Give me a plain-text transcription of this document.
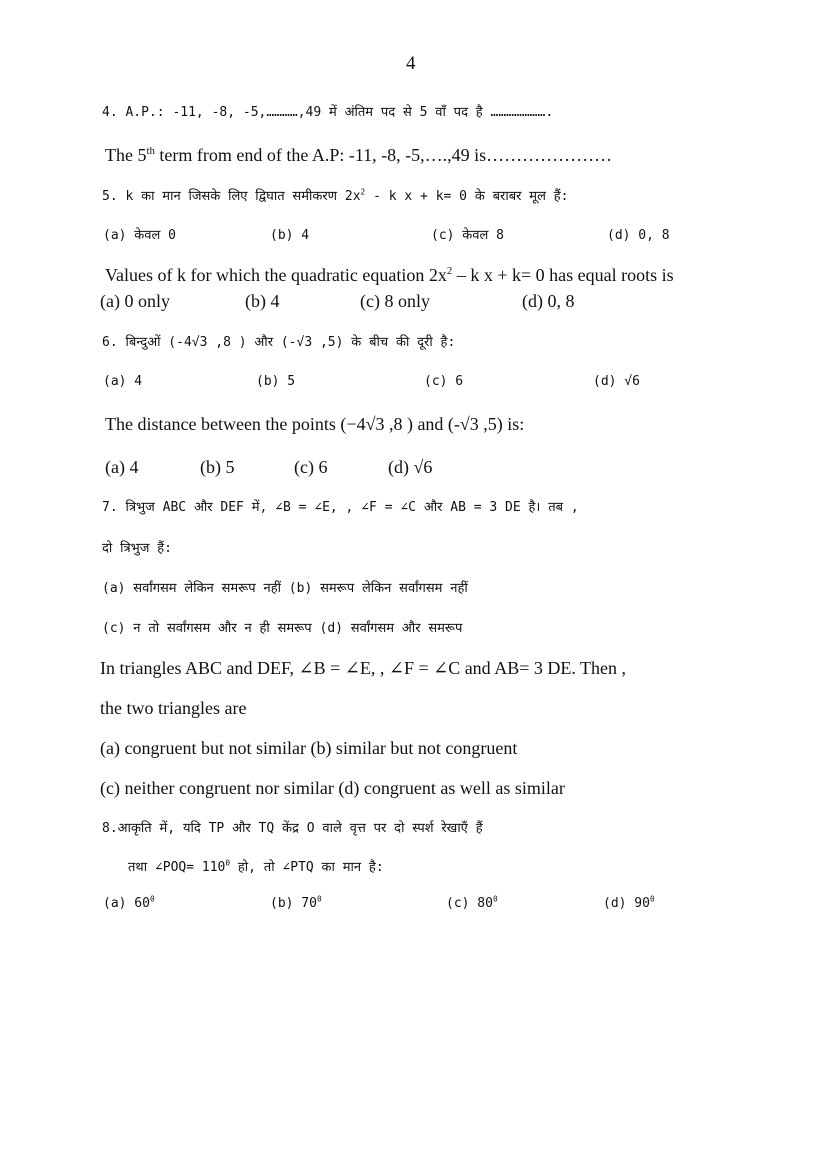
4
4. A.P.: -11, -8, -5,…………,49 में अंतिम पद से 5 वाँ पद है ………………….
The 5th term from end of the A.P: -11, -8, -5,….,49 is…………………
5. k का मान जिसके लिए द्विघात समीकरण $2x^2$ - k x + k= 0 के बराबर मूल हैं:
(a) केवल 0	(b) 4	(c) केवल 8	(d) 0, 8
Values of k for which the quadratic equation $2x^2$ – k x + k= 0 has equal roots is
(a) 0 only	(b) 4	(c) 8 only	(d) 0, 8
6. बिन्दुओं (-4√3 ,8 ) और (-√3 ,5) के बीच की दूरी है:
(a) 4	(b) 5	(c) 6	(d) √6
The distance between the points (−4√3 ,8 ) and (-√3 ,5) is:
(a) 4	(b) 5	(c) 6	(d) √6
7. त्रिभुज ABC और DEF में, ∠B = ∠E, , ∠F = ∠C और AB = 3 DE है। तब ,
दो त्रिभुज हैं:
(a) सर्वांगसम लेकिन समरूप नहीं (b) समरूप लेकिन सर्वांगसम नहीं
(c) न तो सर्वांगसम और न ही समरूप (d) सर्वांगसम और समरूप
In triangles ABC and DEF, ∠B = ∠E, , ∠F = ∠C and AB= 3 DE. Then ,
the two triangles are
(a) congruent but not similar (b) similar but not congruent
(c) neither congruent nor similar (d) congruent as well as similar
8.आकृति में, यदि TP और TQ केंद्र O वाले वृत्त पर दो स्पर्श रेखाएँ हैं
तथा ∠POQ= $110^0$ हो, तो ∠PTQ का मान है:
(a) $60^0$	(b) $70^0$	(c) $80^0$	(d) $90^0$
